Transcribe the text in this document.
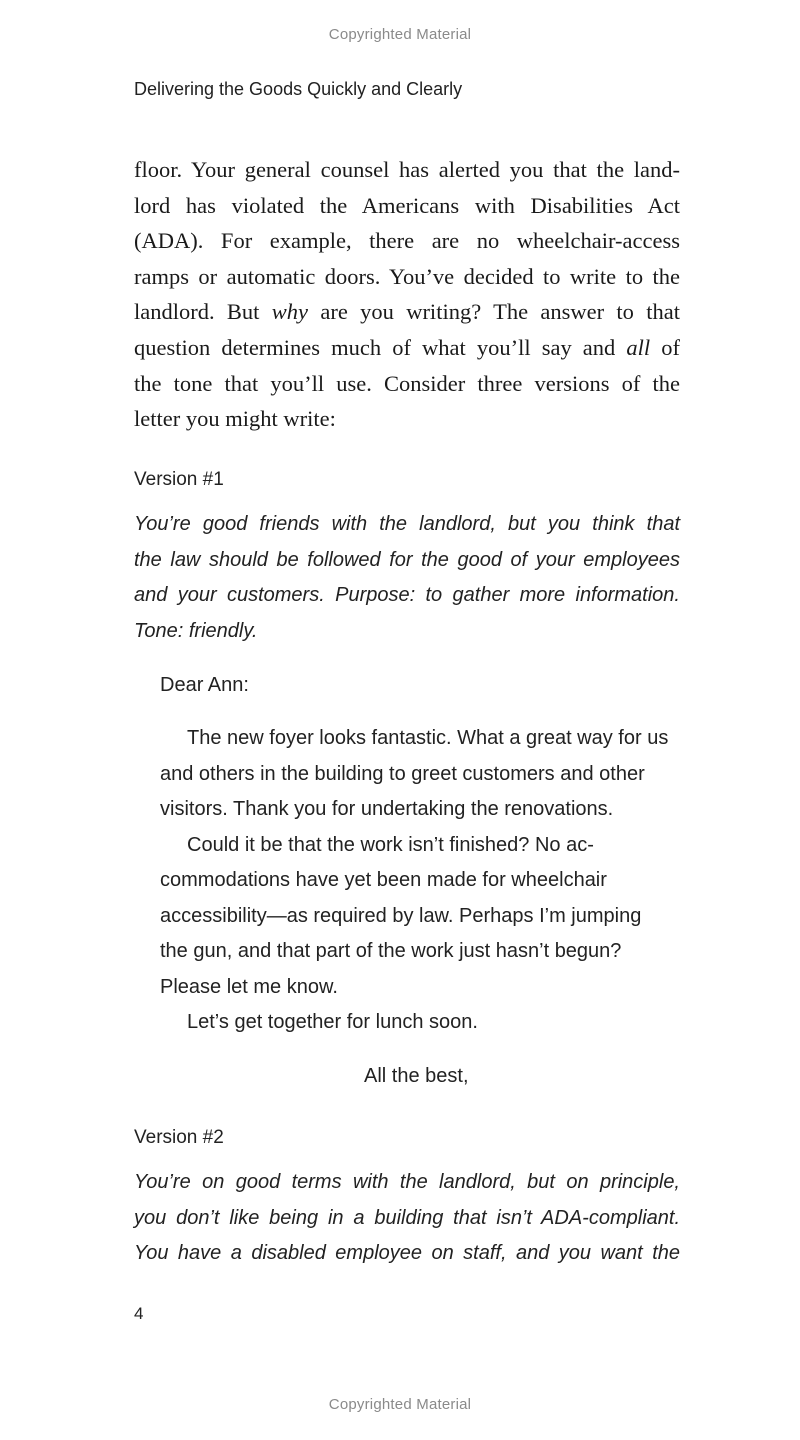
Copyrighted Material
Delivering the Goods Quickly and Clearly
floor. Your general counsel has alerted you that the land-
lord has violated the Americans with Disabilities Act
(ADA). For example, there are no wheelchair-access
ramps or automatic doors. You’ve decided to write to the
landlord. But why are you writing? The answer to that
question determines much of what you’ll say and all of
the tone that you’ll use. Consider three versions of the
letter you might write:
Version #1
You’re good friends with the landlord, but you think that
the law should be followed for the good of your employees
and your customers. Purpose: to gather more information.
Tone: friendly.
Dear Ann:
The new foyer looks fantastic. What a great way for us
and others in the building to greet customers and other
visitors. Thank you for undertaking the renovations.
Could it be that the work isn’t finished? No ac-
commodations have yet been made for wheelchair
accessibility—as required by law. Perhaps I’m jumping
the gun, and that part of the work just hasn’t begun?
Please let me know.
Let’s get together for lunch soon.
All the best,
Version #2
You’re on good terms with the landlord, but on principle,
you don’t like being in a building that isn’t ADA-compliant.
You have a disabled employee on staff, and you want the
4
Copyrighted Material
